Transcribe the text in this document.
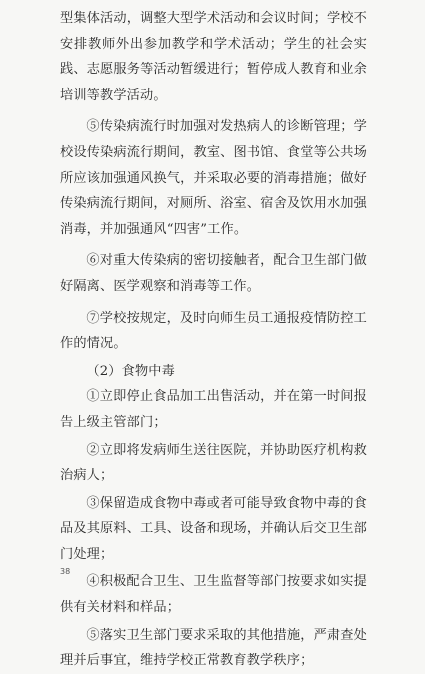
型集体活动，调整大型学术活动和会议时间；学校不安排教师外出参加教学和学术活动；学生的社会实践、志愿服务等活动暂缓进行；暂停成人教育和业余培训等教学活动。

⑤传染病流行时加强对发热病人的诊断管理；学校设传染病流行期间，教室、图书馆、食堂等公共场所应该加强通风换气，并采取必要的消毒措施；做好传染病流行期间，对厕所、浴室、宿舍及饮用水加强消毒，并加强通风“四害”工作。

⑥对重大传染病的密切接触者，配合卫生部门做好隔离、医学观察和消毒等工作。

⑦学校按规定，及时向师生员工通报疫情防控工作的情况。

（2）食物中毒

①立即停止食品加工出售活动，并在第一时间报告上级主管部门；

②立即将发病师生送往医院，并协助医疗机构救治病人；

③保留造成食物中毒或者可能导致食物中毒的食品及其原料、工具、设备和现场，并确认后交卫生部门处理；

④积极配合卫生、卫生监督等部门按要求如实提供有关材料和样品；

⑤落实卫生部门要求采取的其他措施，严肃查处理并后事宜，维持学校正常教育教学秩序；

38
